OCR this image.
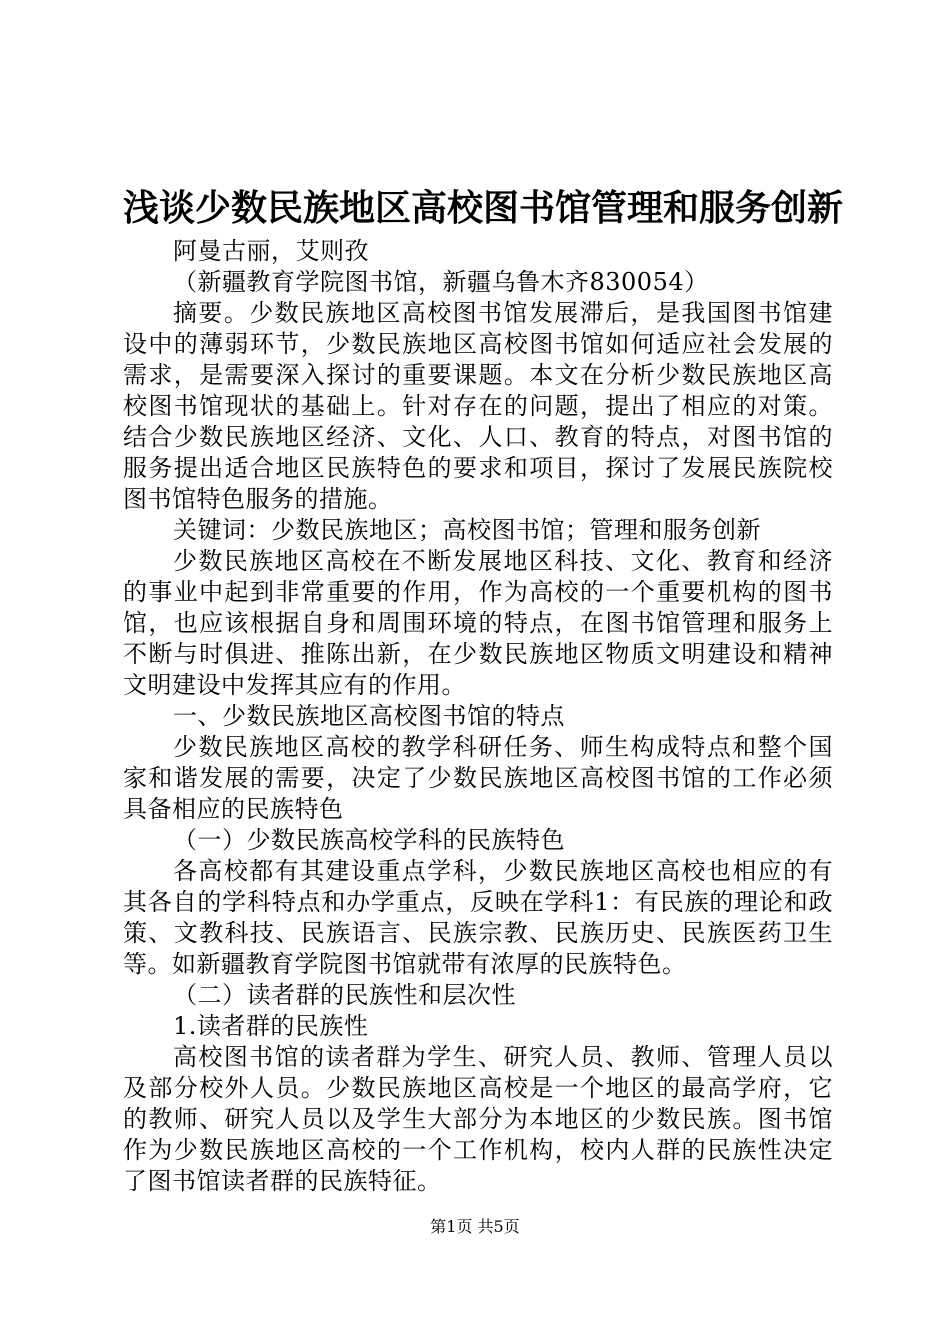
浅谈少数民族地区高校图书馆管理和服务创新

阿曼古丽，艾则孜

（新疆教育学院图书馆，新疆乌鲁木齐830054）

摘要。少数民族地区高校图书馆发展滞后，是我国图书馆建设中的薄弱环节，少数民族地区高校图书馆如何适应社会发展的需求，是需要深入探讨的重要课题。本文在分析少数民族地区高校图书馆现状的基础上。针对存在的问题，提出了相应的对策。结合少数民族地区经济、文化、人口、教育的特点，对图书馆的服务提出适合地区民族特色的要求和项目，探讨了发展民族院校图书馆特色服务的措施。

关键词：少数民族地区；高校图书馆；管理和服务创新

少数民族地区高校在不断发展地区科技、文化、教育和经济的事业中起到非常重要的作用，作为高校的一个重要机构的图书馆，也应该根据自身和周围环境的特点，在图书馆管理和服务上不断与时俱进、推陈出新，在少数民族地区物质文明建设和精神文明建设中发挥其应有的作用。

一、少数民族地区高校图书馆的特点

少数民族地区高校的教学科研任务、师生构成特点和整个国家和谐发展的需要，决定了少数民族地区高校图书馆的工作必须具备相应的民族特色

（一）少数民族高校学科的民族特色

各高校都有其建设重点学科，少数民族地区高校也相应的有其各自的学科特点和办学重点，反映在学科1：有民族的理论和政策、文教科技、民族语言、民族宗教、民族历史、民族医药卫生等。如新疆教育学院图书馆就带有浓厚的民族特色。

（二）读者群的民族性和层次性

1.读者群的民族性

高校图书馆的读者群为学生、研究人员、教师、管理人员以及部分校外人员。少数民族地区高校是一个地区的最高学府，它的教师、研究人员以及学生大部分为本地区的少数民族。图书馆作为少数民族地区高校的一个工作机构，校内人群的民族性决定了图书馆读者群的民族特征。

第1页 共5页
